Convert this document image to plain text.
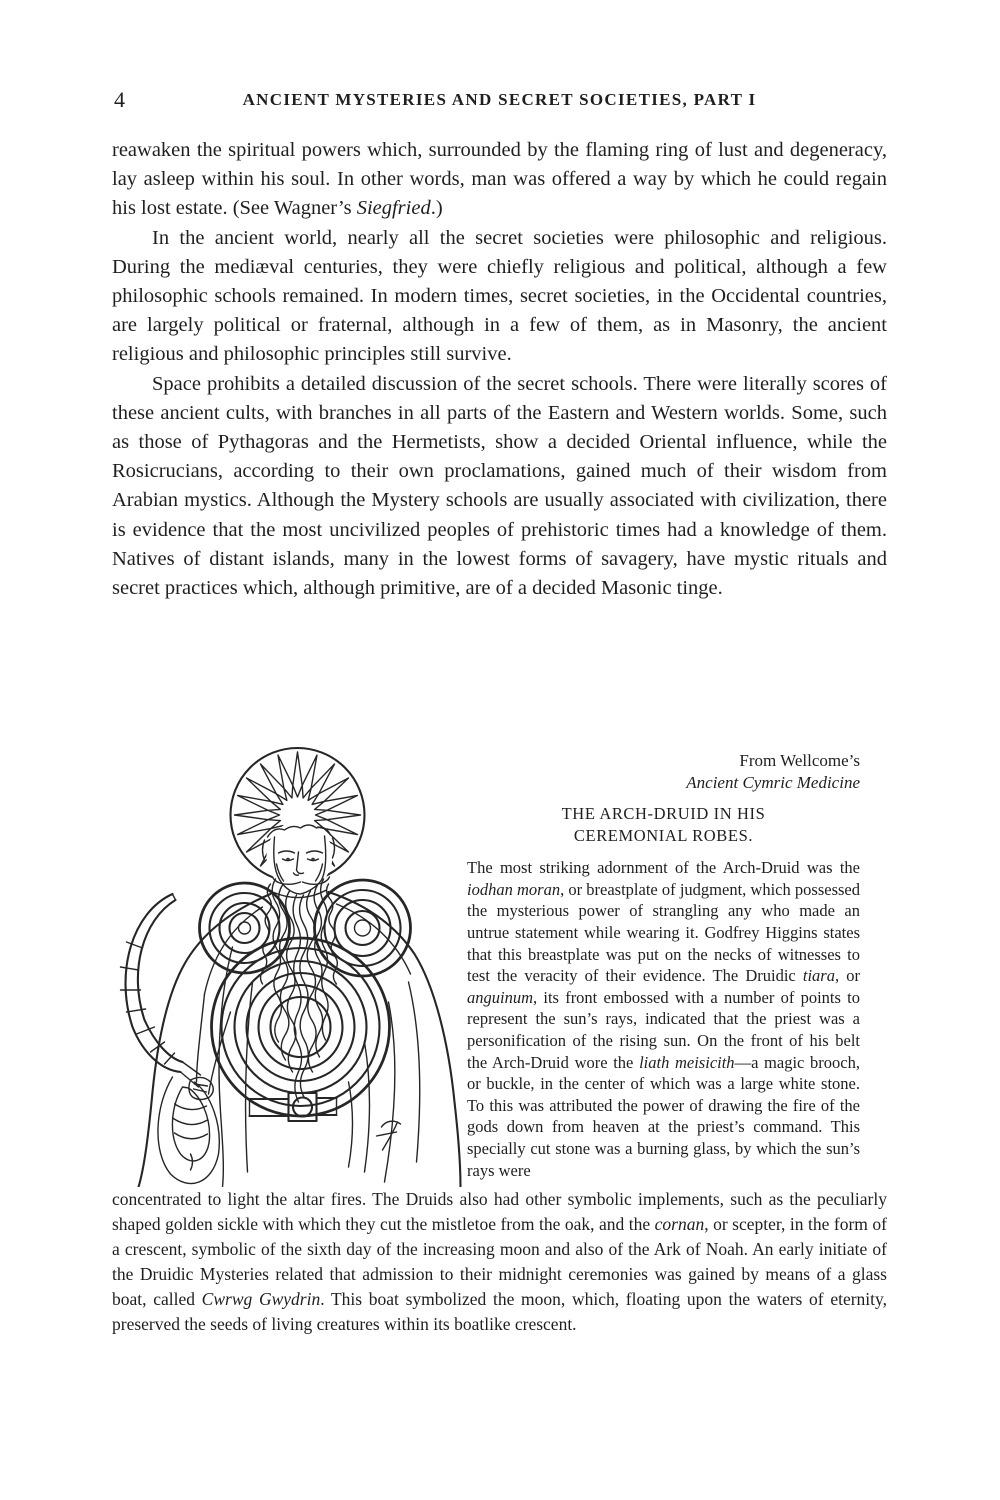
4	ANCIENT MYSTERIES AND SECRET SOCIETIES, PART I

reawaken the spiritual powers which, surrounded by the flaming ring of lust and degeneracy, lay asleep within his soul. In other words, man was offered a way by which he could regain his lost estate. (See Wagner’s Siegfried.)

In the ancient world, nearly all the secret societies were philosophic and religious. During the mediæval centuries, they were chiefly religious and political, although a few philosophic schools remained. In modern times, secret societies, in the Occidental countries, are largely political or fraternal, although in a few of them, as in Masonry, the ancient religious and philosophic principles still survive.

Space prohibits a detailed discussion of the secret schools. There were literally scores of these ancient cults, with branches in all parts of the Eastern and Western worlds. Some, such as those of Pythagoras and the Hermetists, show a decided Oriental influence, while the Rosicrucians, according to their own proclamations, gained much of their wisdom from Arabian mystics. Although the Mystery schools are usually associated with civilization, there is evidence that the most uncivilized peoples of prehistoric times had a knowledge of them. Natives of distant islands, many in the lowest forms of savagery, have mystic rituals and secret practices which, although primitive, are of a decided Masonic tinge.

From Wellcome’s
Ancient Cymric Medicine
THE ARCH-DRUID IN HIS CEREMONIAL ROBES.

The most striking adornment of the Arch-Druid was the iodhan moran, or breastplate of judgment, which possessed the mysterious power of strangling any who made an untrue statement while wearing it. Godfrey Higgins states that this breastplate was put on the necks of witnesses to test the veracity of their evidence. The Druidic tiara, or anguinum, its front embossed with a number of points to represent the sun’s rays, indicated that the priest was a personification of the rising sun. On the front of his belt the Arch-Druid wore the liath meisicith—a magic brooch, or buckle, in the center of which was a large white stone. To this was attributed the power of drawing the fire of the gods down from heaven at the priest’s command. This specially cut stone was a burning glass, by which the sun’s rays were

concentrated to light the altar fires. The Druids also had other symbolic implements, such as the peculiarly shaped golden sickle with which they cut the mistletoe from the oak, and the cornan, or scepter, in the form of a crescent, symbolic of the sixth day of the increasing moon and also of the Ark of Noah. An early initiate of the Druidic Mysteries related that admission to their midnight ceremonies was gained by means of a glass boat, called Cwrwg Gwydrin. This boat symbolized the moon, which, floating upon the waters of eternity, preserved the seeds of living creatures within its boatlike crescent.
